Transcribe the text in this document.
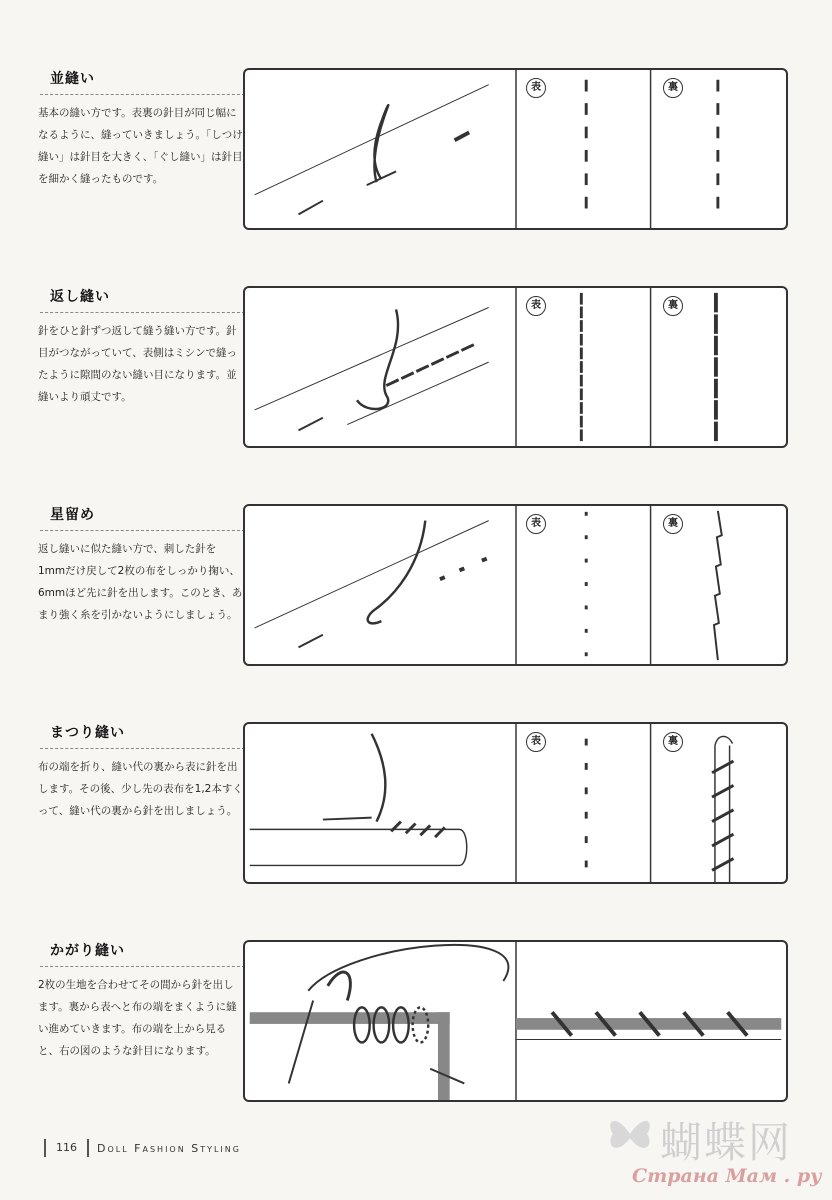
並縫い
基本の縫い方です。表裏の針目が同じ幅になるように、縫っていきましょう。「しつけ縫い」は針目を大きく、「ぐし縫い」は針目を細かく縫ったものです。
表	裏
返し縫い
針をひと針ずつ返して縫う縫い方です。針目がつながっていて、表側はミシンで縫ったように隙間のない縫い目になります。並縫いより頑丈です。
表	裏
星留め
返し縫いに似た縫い方で、刺した針を1mmだけ戻して2枚の布をしっかり掬い、6mmほど先に針を出します。このとき、あまり強く糸を引かないようにしましょう。
表	裏
まつり縫い
布の端を折り、縫い代の裏から表に針を出します。その後、少し先の表布を1,2本すくって、縫い代の裏から針を出しましょう。
表	裏
かがり縫い
2枚の生地を合わせてその間から針を出します。裏から表へと布の端をまくように縫い進めていきます。布の端を上から見ると、右の図のような針目になります。
116	Doll Fashion Styling	蝴蝶网
Страна Мам . ру
